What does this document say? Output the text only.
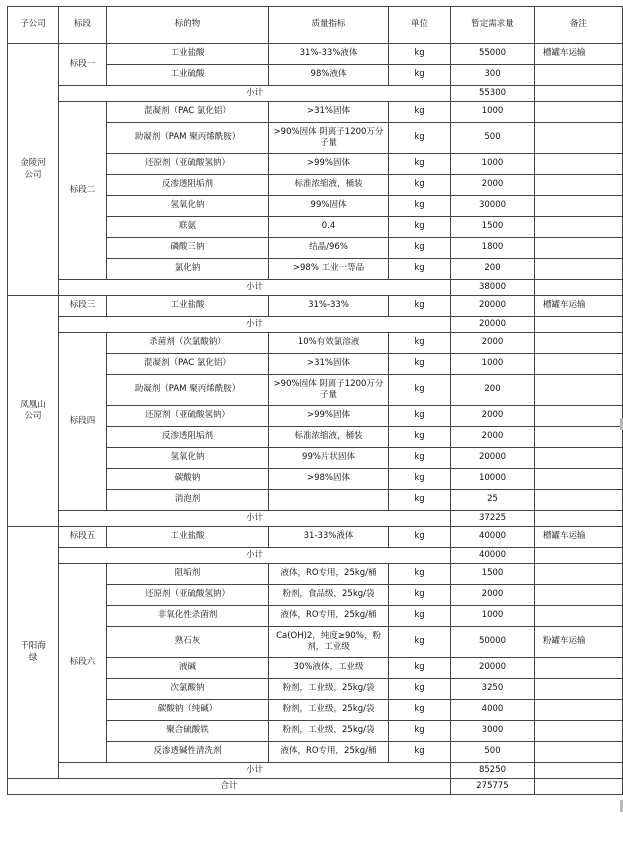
子公司	标段	标的物	质量指标	单位	暂定需求量	备注
金陵河公司	标段一	工业盐酸	31%-33%液体	kg	55000	槽罐车运输
		工业硫酸	98%液体	kg	300	
	小计				55300	
	标段二	混凝剂（PAC 氯化铝）	>31%固体	kg	1000	
		助凝剂（PAM 聚丙烯酰胺）	>90%固体 阴离子1200万分子量	kg	500	
		还原剂（亚硫酸氢钠）	>99%固体	kg	1000	
		反渗透阻垢剂	标准浓缩液，桶装	kg	2000	
		氢氧化钠	99%固体	kg	30000	
		联氨	0.4	kg	1500	
		磷酸三钠	结晶/96%	kg	1800	
		氯化钠	>98% 工业一等品	kg	200	
	小计				38000	
凤凰山公司	标段三	工业盐酸	31%-33%	kg	20000	槽罐车运输
	小计				20000	
	标段四	杀菌剂（次氯酸钠）	10%有效氯溶液	kg	2000	
		混凝剂（PAC 氯化铝）	>31%固体	kg	1000	
		助凝剂（PAM 聚丙烯酰胺）	>90%固体 阴离子1200万分子量	kg	200	
		还原剂（亚硫酸氢钠）	>99%固体	kg	2000	
		反渗透阻垢剂	标准浓缩液，桶装	kg	2000	
		氢氧化钠	99%片状固体	kg	20000	
		碳酸钠	>98%固体	kg	10000	
		消泡剂		kg	25	
	小计				37225	
千阳海绿	标段五	工业盐酸	31-33%液体	kg	40000	槽罐车运输
	小计				40000	
	标段六	阻垢剂	液体，RO专用，25kg/桶	kg	1500	
		还原剂（亚硫酸氢钠）	粉剂，食品级，25kg/袋	kg	2000	
		非氧化性杀菌剂	液体，RO专用，25kg/桶	kg	1000	
		熟石灰	Ca(OH)2，纯度≥90%，粉剂，工业级	kg	50000	粉罐车运输
		液碱	30%液体，工业级	kg	20000	
		次氯酸钠	粉剂，工业级，25kg/袋	kg	3250	
		碳酸钠（纯碱）	粉剂，工业级，25kg/袋	kg	4000	
		聚合硫酸铁	粉剂，工业级，25kg/袋	kg	3000	
		反渗透碱性清洗剂	液体，RO专用，25kg/桶	kg	500	
	小计				85250	
合计					275775	
